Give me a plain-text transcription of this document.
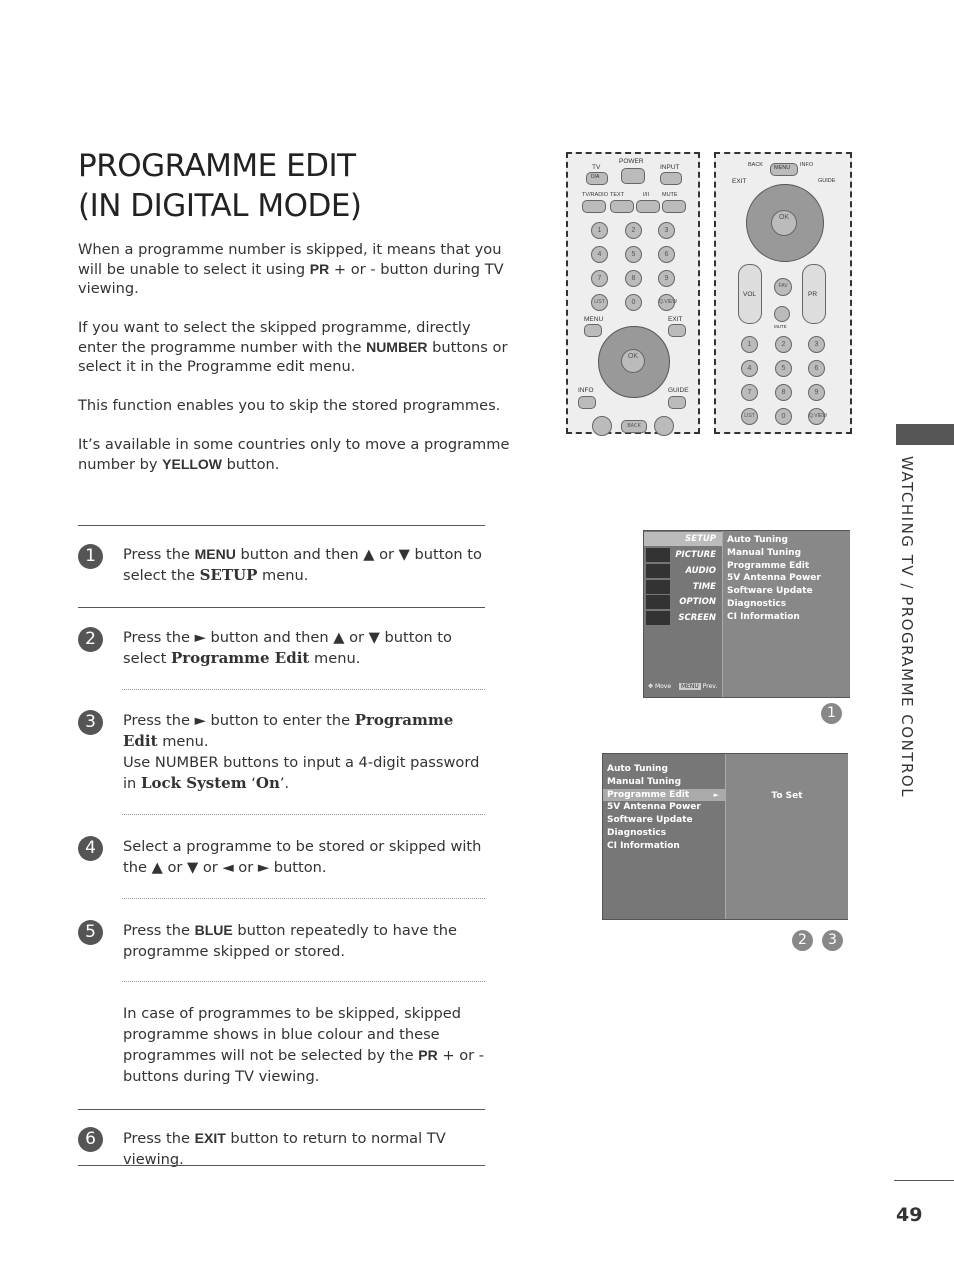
PROGRAMME EDIT
(IN DIGITAL MODE)

When a programme number is skipped, it means that you will be unable to select it using PR + or - button during TV viewing.

If you want to select the skipped programme, directly enter the programme number with the NUMBER buttons or select it in the Programme edit menu.

This function enables you to skip the stored programmes.

It’s available in some countries only to move a programme number by YELLOW button.

1	Press the MENU button and then ▲ or ▼ button to select the SETUP menu.
2	Press the ► button and then ▲ or ▼ button to select Programme Edit menu.
3	Press the ► button to enter the Programme Edit menu.
Use NUMBER buttons to input a 4-digit password in Lock System ‘On’.
4	Select a programme to be stored or skipped with the ▲ or ▼ or ◄ or ► button.
5	Press the BLUE button repeatedly to have the programme skipped or stored.
In case of programmes to be skipped, skipped programme shows in blue colour and these programmes will not be selected by the PR + or - buttons during TV viewing.
6	Press the EXIT button to return to normal TV viewing.
TV
D/A
POWER
INPUT
TV/RADIO TEXT	I/II MUTE
1	2	3
4	5	6
7	8	9
LIST	0	Q.VIEW
MENU	EXIT
OK
INFO	GUIDE
BACK
BACK MENU INFO
EXIT	GUIDE
OK
VOL
FAV
PR
MUTE
1	2	3
4	5	6
7	8	9
LIST	0	Q.VIEW
WATCHING TV / PROGRAMME CONTROL
SETUP
PICTURE
AUDIO
TIME
OPTION
SCREEN
✥ Move MENU Prev.
Auto Tuning
Manual Tuning
Programme Edit
5V Antenna Power
Software Update
Diagnostics
CI Information
1
Auto Tuning
Manual Tuning
Programme Edit	►
5V Antenna Power
Software Update
Diagnostics
CI Information
To Set
2	3
49
